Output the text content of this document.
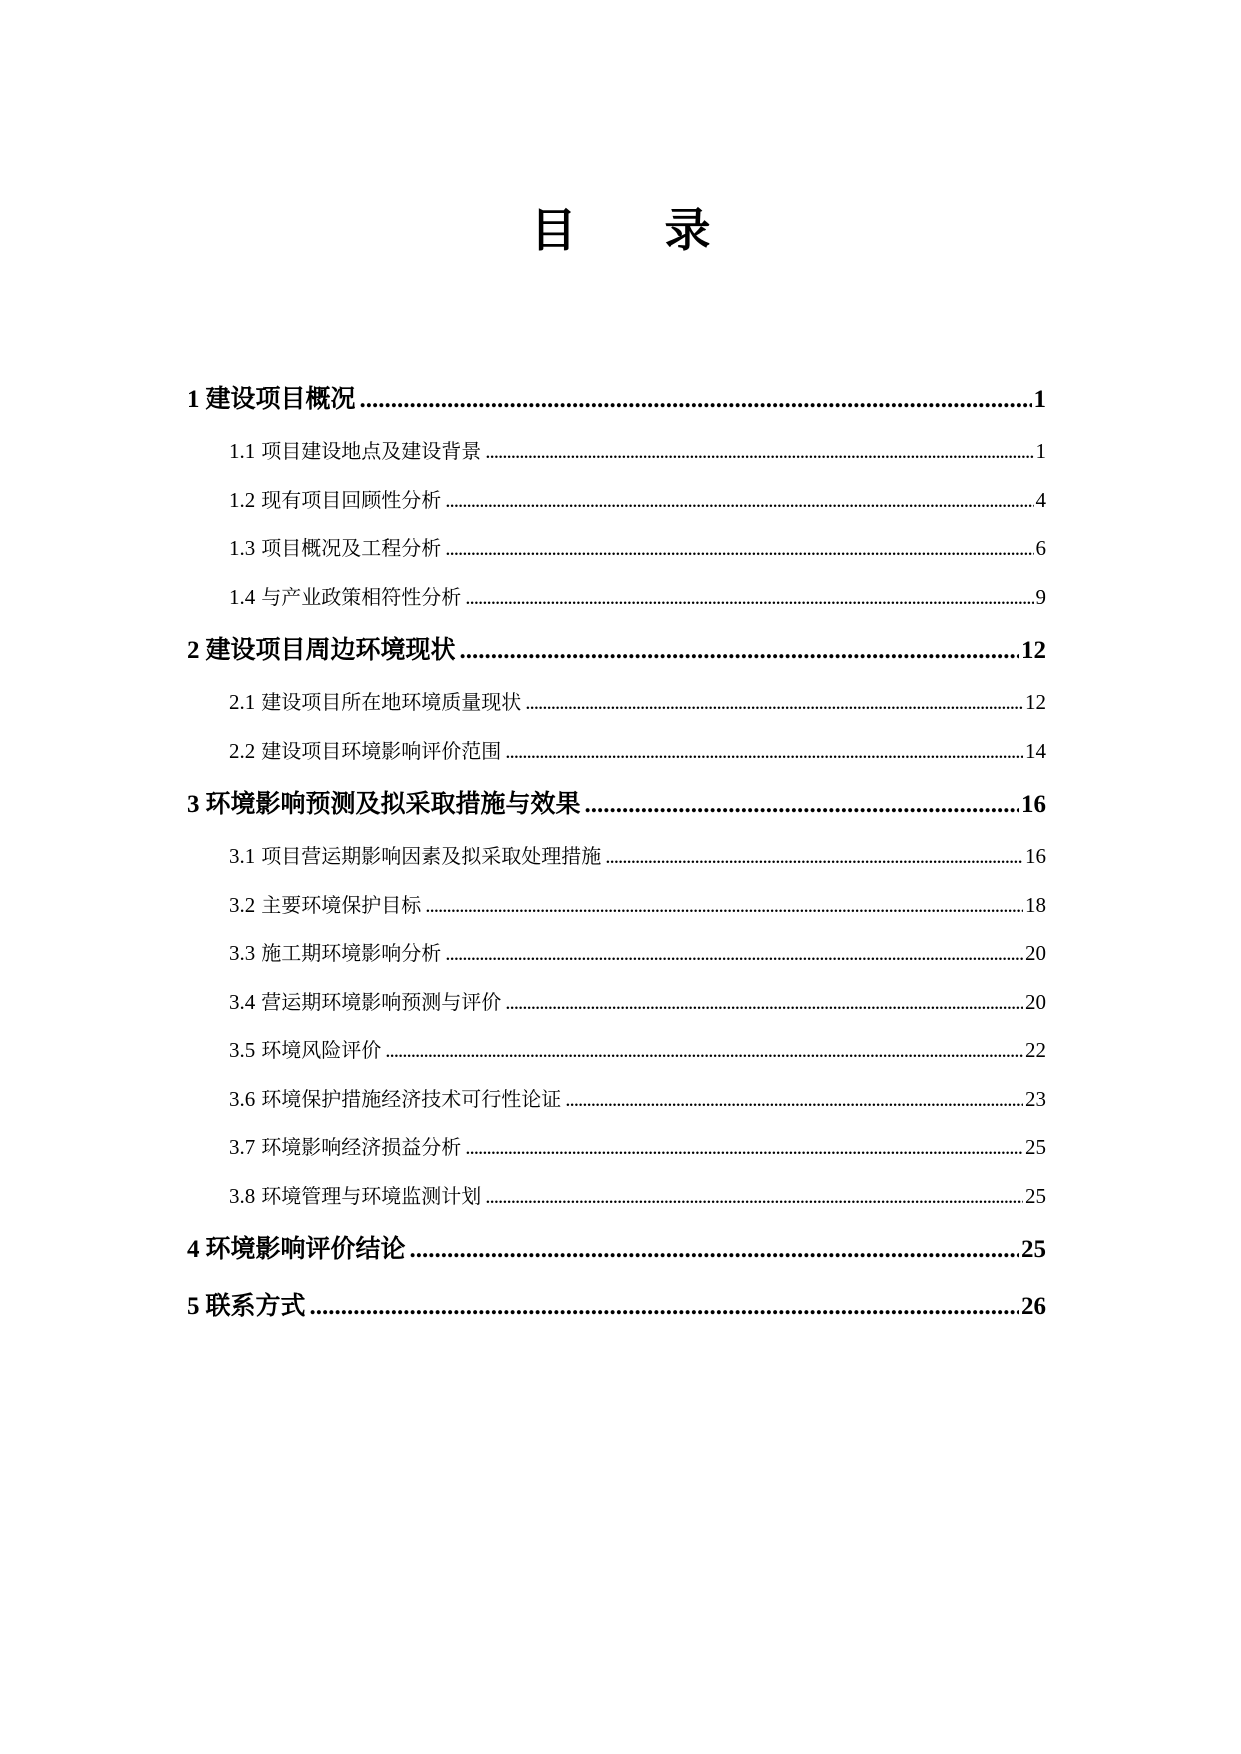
目 录
1 建设项目概况 .....	1
1.1 项目建设地点及建设背景 .....	1
1.2 现有项目回顾性分析 .....	4
1.3 项目概况及工程分析 .....	6
1.4 与产业政策相符性分析 .....	9
2 建设项目周边环境现状 .....	12
2.1 建设项目所在地环境质量现状 .....	12
2.2 建设项目环境影响评价范围 .....	14
3 环境影响预测及拟采取措施与效果 .....	16
3.1 项目营运期影响因素及拟采取处理措施 .....	16
3.2 主要环境保护目标 .....	18
3.3 施工期环境影响分析 .....	20
3.4 营运期环境影响预测与评价 .....	20
3.5 环境风险评价 .....	22
3.6 环境保护措施经济技术可行性论证 .....	23
3.7 环境影响经济损益分析 .....	25
3.8 环境管理与环境监测计划 .....	25
4 环境影响评价结论 .....	25
5 联系方式 .....	26
